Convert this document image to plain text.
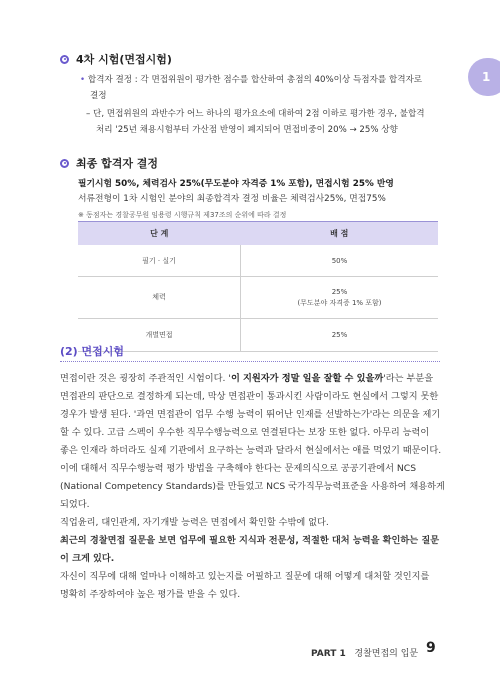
1
4차 시험(면접시험)
• 합격자 결정 : 각 면접위원이 평가한 점수를 합산하여 총점의 40%이상 득점자를 합격자로
결정
– 단, 면접위원의 과반수가 어느 하나의 평가요소에 대하여 2점 이하로 평가한 경우, 불합격
처리 '25년 채용시험부터 가산점 반영이 폐지되어 면접비중이 20% → 25% 상향
최종 합격자 결정
필기시험 50%, 체력검사 25%(무도분야 자격증 1% 포함), 면접시험 25% 반영
서류전형이 1차 시험인 분야의 최종합격자 결정 비율은 체력검사25%, 면접75%
※ 동점자는 경찰공무원 임용령 시행규칙 제37조의 순위에 따라 결정
단 계	배 점
필기 · 실기	50%
체력	25%
(무도분야 자격증 1% 포함)

개별면접	25%
(2) 면접시험
면접이란 것은 굉장히 주관적인 시험이다. '이 지원자가 정말 일을 잘할 수 있을까'라는 부분을
면접관의 판단으로 결정하게 되는데, 막상 면접관이 통과시킨 사람이라도 현실에서 그렇지 못한
경우가 발생 된다. '과연 면접관이 업무 수행 능력이 뛰어난 인재를 선발하는가'라는 의문을 제기
할 수 있다. 고급 스펙이 우수한 직무수행능력으로 연결된다는 보장 또한 없다. 아무리 능력이
좋은 인재라 하더라도 실제 기관에서 요구하는 능력과 달라서 현실에서는 애를 먹었기 때문이다.
이에 대해서 직무수행능력 평가 방법을 구축해야 한다는 문제의식으로 공공기관에서 NCS
(National Competency Standards)를 만들었고 NCS 국가직무능력표준을 사용하여 채용하게
되었다.
직업윤리, 대인관계, 자기개발 능력은 면접에서 확인할 수밖에 없다.
최근의 경찰면접 질문을 보면 업무에 필요한 지식과 전문성, 적절한 대처 능력을 확인하는 질문
이 크게 있다.
자신이 직무에 대해 얼마나 이해하고 있는지를 어필하고 질문에 대해 어떻게 대처할 것인지를
명확히 주장하여야 높은 평가를 받을 수 있다.
PART 1 경찰면접의 입문 9
